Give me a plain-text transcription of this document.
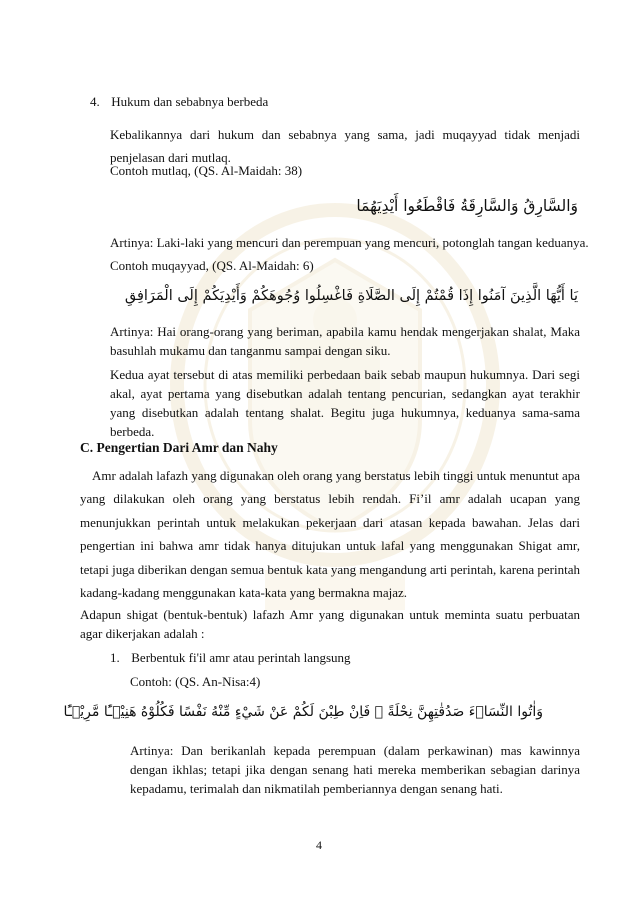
4. Hukum dan sebabnya berbeda
Kebalikannya dari hukum dan sebabnya yang sama, jadi muqayyad tidak menjadi penjelasan dari mutlaq.
Contoh mutlaq, (QS. Al-Maidah: 38)
وَالسَّارِقُ وَالسَّارِقَةُ فَاقْطَعُوا أَيْدِيَهُمَا
Artinya: Laki-laki yang mencuri dan perempuan yang mencuri, potonglah tangan keduanya.
Contoh muqayyad, (QS. Al-Maidah: 6)
يَا أَيُّهَا الَّذِينَ آمَنُوا إِذَا قُمْتُمْ إِلَى الصَّلَاةِ فَاغْسِلُوا وُجُوهَكُمْ وَأَيْدِيَكُمْ إِلَى الْمَرَافِقِ
Artinya: Hai orang-orang yang beriman, apabila kamu hendak mengerjakan shalat, Maka basuhlah mukamu dan tanganmu sampai dengan siku.
Kedua ayat tersebut di atas memiliki perbedaan baik sebab maupun hukumnya. Dari segi akal, ayat pertama yang disebutkan adalah tentang pencurian, sedangkan ayat terakhir yang disebutkan adalah tentang shalat. Begitu juga hukumnya, keduanya sama-sama berbeda.
C. Pengertian Dari Amr dan Nahy
Amr adalah lafazh yang digunakan oleh orang yang berstatus lebih tinggi untuk menuntut apa yang dilakukan oleh orang yang berstatus lebih rendah. Fi’il amr adalah ucapan yang menunjukkan perintah untuk melakukan pekerjaan dari atasan kepada bawahan. Jelas dari pengertian ini bahwa amr tidak hanya ditujukan untuk lafal yang menggunakan Shigat amr, tetapi juga diberikan dengan semua bentuk kata yang mengandung arti perintah, karena perintah kadang-kadang menggunakan kata-kata yang bermakna majaz.
Adapun shigat (bentuk-bentuk) lafazh Amr yang digunakan untuk meminta suatu perbuatan agar dikerjakan adalah :
1. Berbentuk fi'il amr atau perintah langsung
Contoh: (QS. An-Nisa:4)
وَاٰتُوا النِّسَاۤءَ صَدُقٰتِهِنَّ نِحْلَةً ۗ فَاِنْ طِبْنَ لَكُمْ عَنْ شَيْءٍ مِّنْهُ نَفْسًا فَكُلُوْهُ هَنِيْۤـًٔا مَّرِيْۤـًٔا
Artinya: Dan berikanlah kepada perempuan (dalam perkawinan) mas kawinnya dengan ikhlas; tetapi jika dengan senang hati mereka memberikan sebagian darinya kepadamu, terimalah dan nikmatilah pemberiannya dengan senang hati.
4
